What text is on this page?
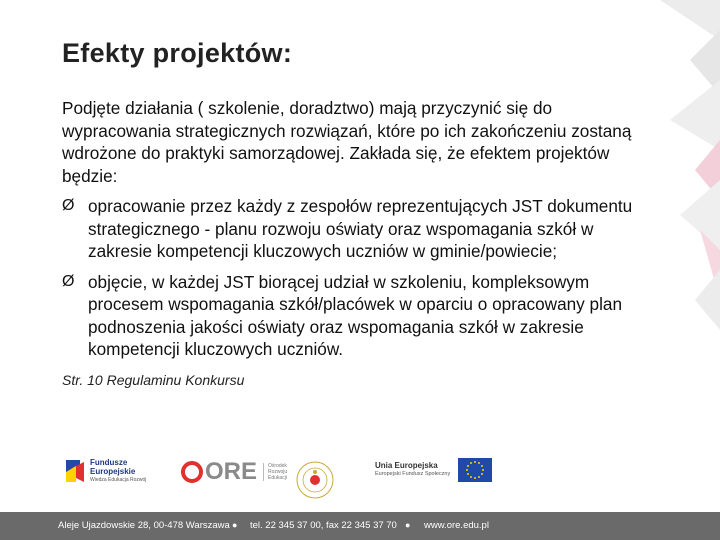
Efekty projektów:

Podjęte działania ( szkolenie, doradztwo) mają przyczynić się do wypracowania strategicznych rozwiązań, które po ich zakończeniu zostaną wdrożone do praktyki samorządowej. Zakłada się, że efektem projektów będzie:

Ø opracowanie przez każdy z zespołów reprezentujących JST dokumentu strategicznego - planu rozwoju oświaty oraz wspomagania szkół w zakresie kompetencji kluczowych uczniów w gminie/powiecie;
Ø objęcie, w każdej JST biorącej udział w szkoleniu, kompleksowym procesem wspomagania szkół/placówek w oparciu o opracowany plan podnoszenia jakości oświaty oraz wspomagania szkół w zakresie kompetencji kluczowych uczniów.
Str. 10 Regulaminu Konkursu
Fundusze
Europejskie
Wiedza Edukacja Rozwój ORE Ośrodek
Rozwoju
Edukacji
Unia Europejska
Europejski Fundusz Społeczny
Aleje Ujazdowskie 28, 00-478 Warszawa ● tel. 22 345 37 00, fax 22 345 37 70 ● www.ore.edu.pl
